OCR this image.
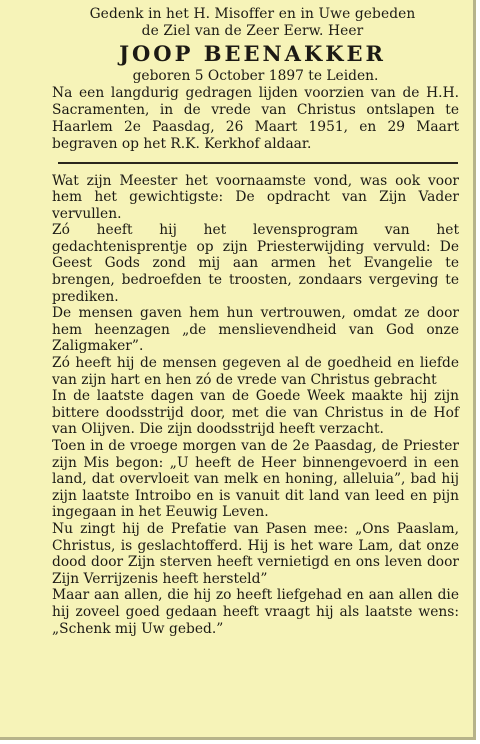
Gedenk in het H. Misoffer en in Uwe gebeden
de Ziel van de Zeer Eerw. Heer
JOOP BEENAKKER
geboren 5 October 1897 te Leiden.
Na een langdurig gedragen lijden voorzien van de H.H. Sacramenten, in de vrede van Christus ontslapen te Haarlem 2e Paasdag, 26 Maart 1951, en 29 Maart begraven op het R.K. Kerkhof aldaar.
Wat zijn Meester het voornaamste vond, was ook voor hem het gewichtigste: De opdracht van Zijn Vader vervullen.
Zó heeft hij het levensprogram van het gedachtenisprentje op zijn Priesterwijding vervuld: De Geest Gods zond mij aan armen het Evangelie te brengen, bedroefden te troosten, zondaars vergeving te prediken.
De mensen gaven hem hun vertrouwen, omdat ze door hem heenzagen „de menslievendheid van God onze Zaligmaker”.
Zó heeft hij de mensen gegeven al de goedheid en liefde van zijn hart en hen zó de vrede van Christus gebracht
In de laatste dagen van de Goede Week maakte hij zijn bittere doodsstrijd door, met die van Christus in de Hof van Olijven. Die zijn doodsstrijd heeft verzacht.
Toen in de vroege morgen van de 2e Paasdag, de Priester zijn Mis begon: „U heeft de Heer binnengevoerd in een land, dat overvloeit van melk en honing, alleluia”, bad hij zijn laatste Introibo en is vanuit dit land van leed en pijn ingegaan in het Eeuwig Leven.
Nu zingt hij de Prefatie van Pasen mee: „Ons Paaslam, Christus, is geslachtofferd. Hij is het ware Lam, dat onze dood door Zijn sterven heeft vernietigd en ons leven door Zijn Verrijzenis heeft hersteld”
Maar aan allen, die hij zo heeft liefgehad en aan allen die hij zoveel goed gedaan heeft vraagt hij als laatste wens: „Schenk mij Uw gebed.”
